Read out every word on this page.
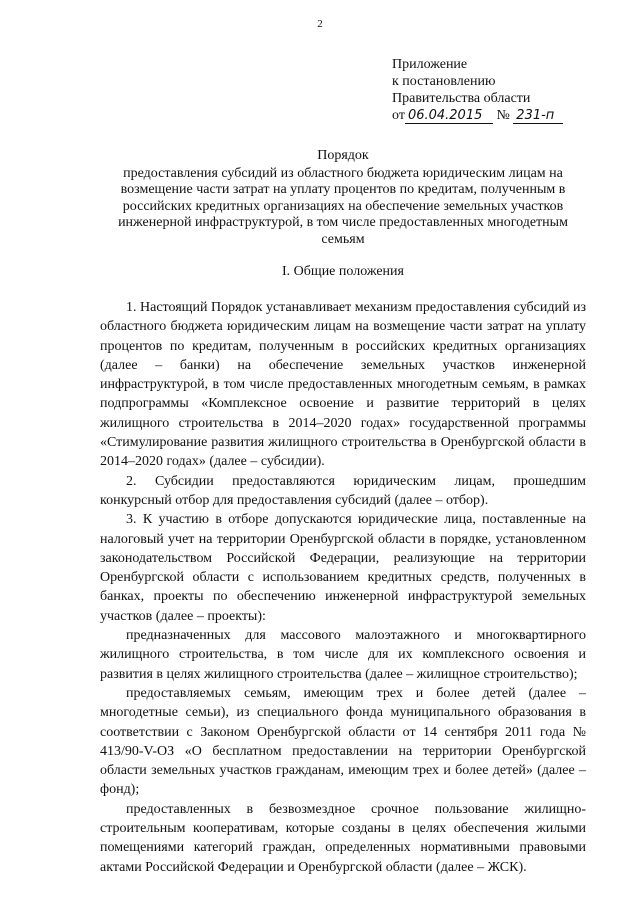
2
Приложение
к постановлению
Правительства области
от 06.04.2015 № 231-п
Порядок
предоставления субсидий из областного бюджета юридическим лицам на возмещение части затрат на уплату процентов по кредитам, полученным в российских кредитных организациях на обеспечение земельных участков инженерной инфраструктурой, в том числе предоставленных многодетным семьям
I. Общие положения

1. Настоящий Порядок устанавливает механизм предоставления субсидий из областного бюджета юридическим лицам на возмещение части затрат на уплату процентов по кредитам, полученным в российских кредитных организациях (далее – банки) на обеспечение земельных участков инженерной инфраструктурой, в том числе предоставленных многодетным семьям, в рамках подпрограммы «Комплексное освоение и развитие территорий в целях жилищного строительства в 2014–2020 годах» государственной программы «Стимулирование развития жилищного строительства в Оренбургской области в 2014–2020 годах» (далее – субсидии).

2. Субсидии предоставляются юридическим лицам, прошедшим конкурсный отбор для предоставления субсидий (далее – отбор).

3. К участию в отборе допускаются юридические лица, поставленные на налоговый учет на территории Оренбургской области в порядке, установленном законодательством Российской Федерации, реализующие на территории Оренбургской области с использованием кредитных средств, полученных в банках, проекты по обеспечению инженерной инфраструктурой земельных участков (далее – проекты):

предназначенных для массового малоэтажного и многоквартирного жилищного строительства, в том числе для их комплексного освоения и развития в целях жилищного строительства (далее – жилищное строительство);

предоставляемых семьям, имеющим трех и более детей (далее – многодетные семьи), из специального фонда муниципального образования в соответствии с Законом Оренбургской области от 14 сентября 2011 года № 413/90-V-ОЗ «О бесплатном предоставлении на территории Оренбургской области земельных участков гражданам, имеющим трех и более детей» (далее – фонд);

предоставленных в безвозмездное срочное пользование жилищно-строительным кооперативам, которые созданы в целях обеспечения жилыми помещениями категорий граждан, определенных нормативными правовыми актами Российской Федерации и Оренбургской области (далее – ЖСК).
